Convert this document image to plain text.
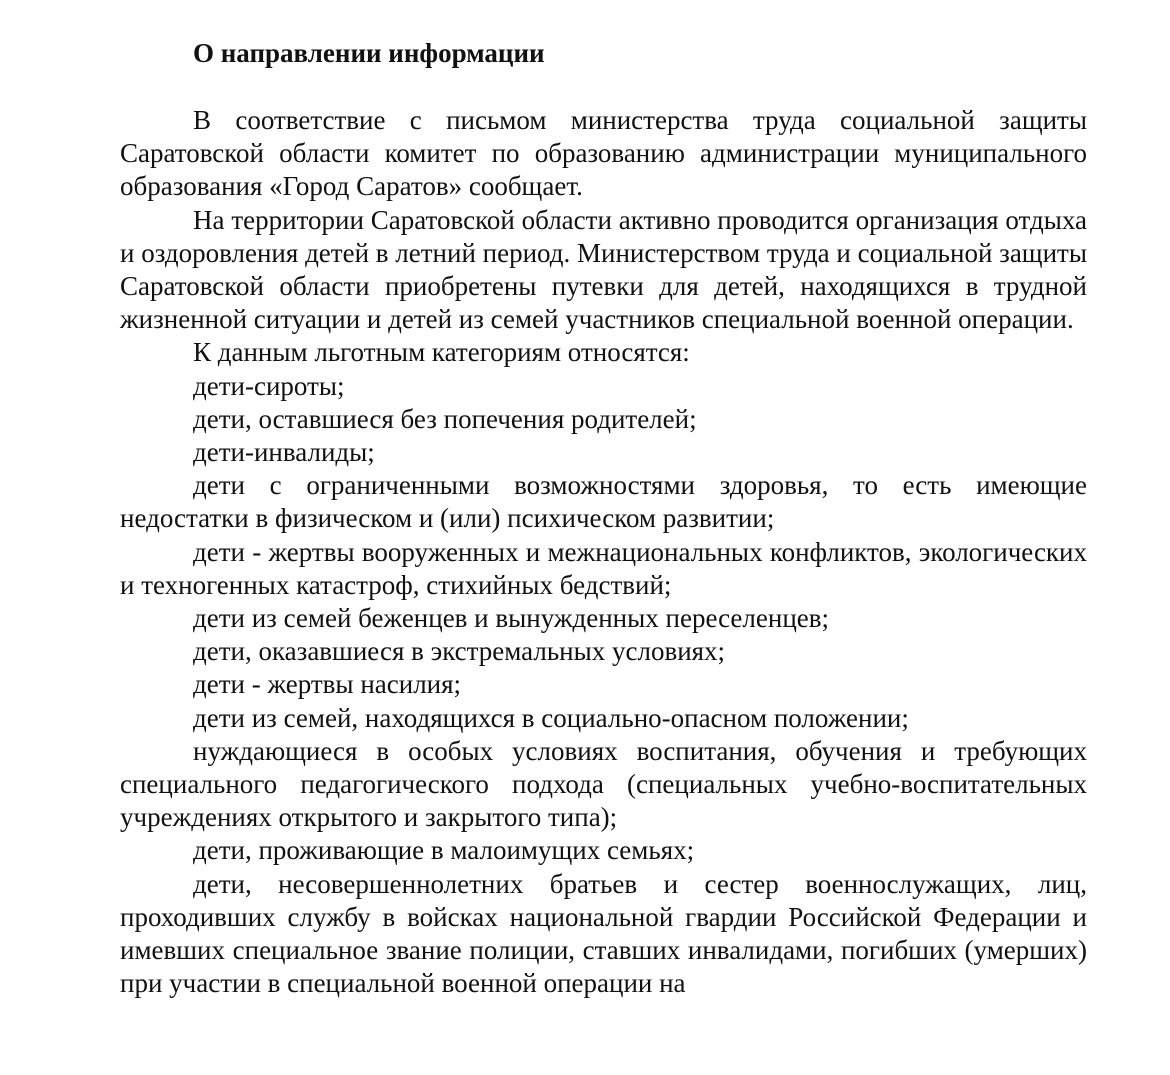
О направлении информации

В соответствие с письмом министерства труда социальной защиты Саратовской области комитет по образованию администрации муниципального образования «Город Саратов» сообщает.

На территории Саратовской области активно проводится организация отдыха и оздоровления детей в летний период. Министерством труда и социальной защиты Саратовской области приобретены путевки для детей, находящихся в трудной жизненной ситуации и детей из семей участников специальной военной операции.

К данным льготным категориям относятся:

дети-сироты;

дети, оставшиеся без попечения родителей;

дети-инвалиды;

дети с ограниченными возможностями здоровья, то есть имеющие недостатки в физическом и (или) психическом развитии;

дети - жертвы вооруженных и межнациональных конфликтов, экологических и техногенных катастроф, стихийных бедствий;

дети из семей беженцев и вынужденных переселенцев;

дети, оказавшиеся в экстремальных условиях;

дети - жертвы насилия;

дети из семей, находящихся в социально-опасном положении;

нуждающиеся в особых условиях воспитания, обучения и требующих специального педагогического подхода (специальных учебно-воспитательных учреждениях открытого и закрытого типа);

дети, проживающие в малоимущих семьях;

дети, несовершеннолетних братьев и сестер военнослужащих, лиц, проходивших службу в войсках национальной гвардии Российской Федерации и имевших специальное звание полиции, ставших инвалидами, погибших (умерших) при участии в специальной военной операции на
